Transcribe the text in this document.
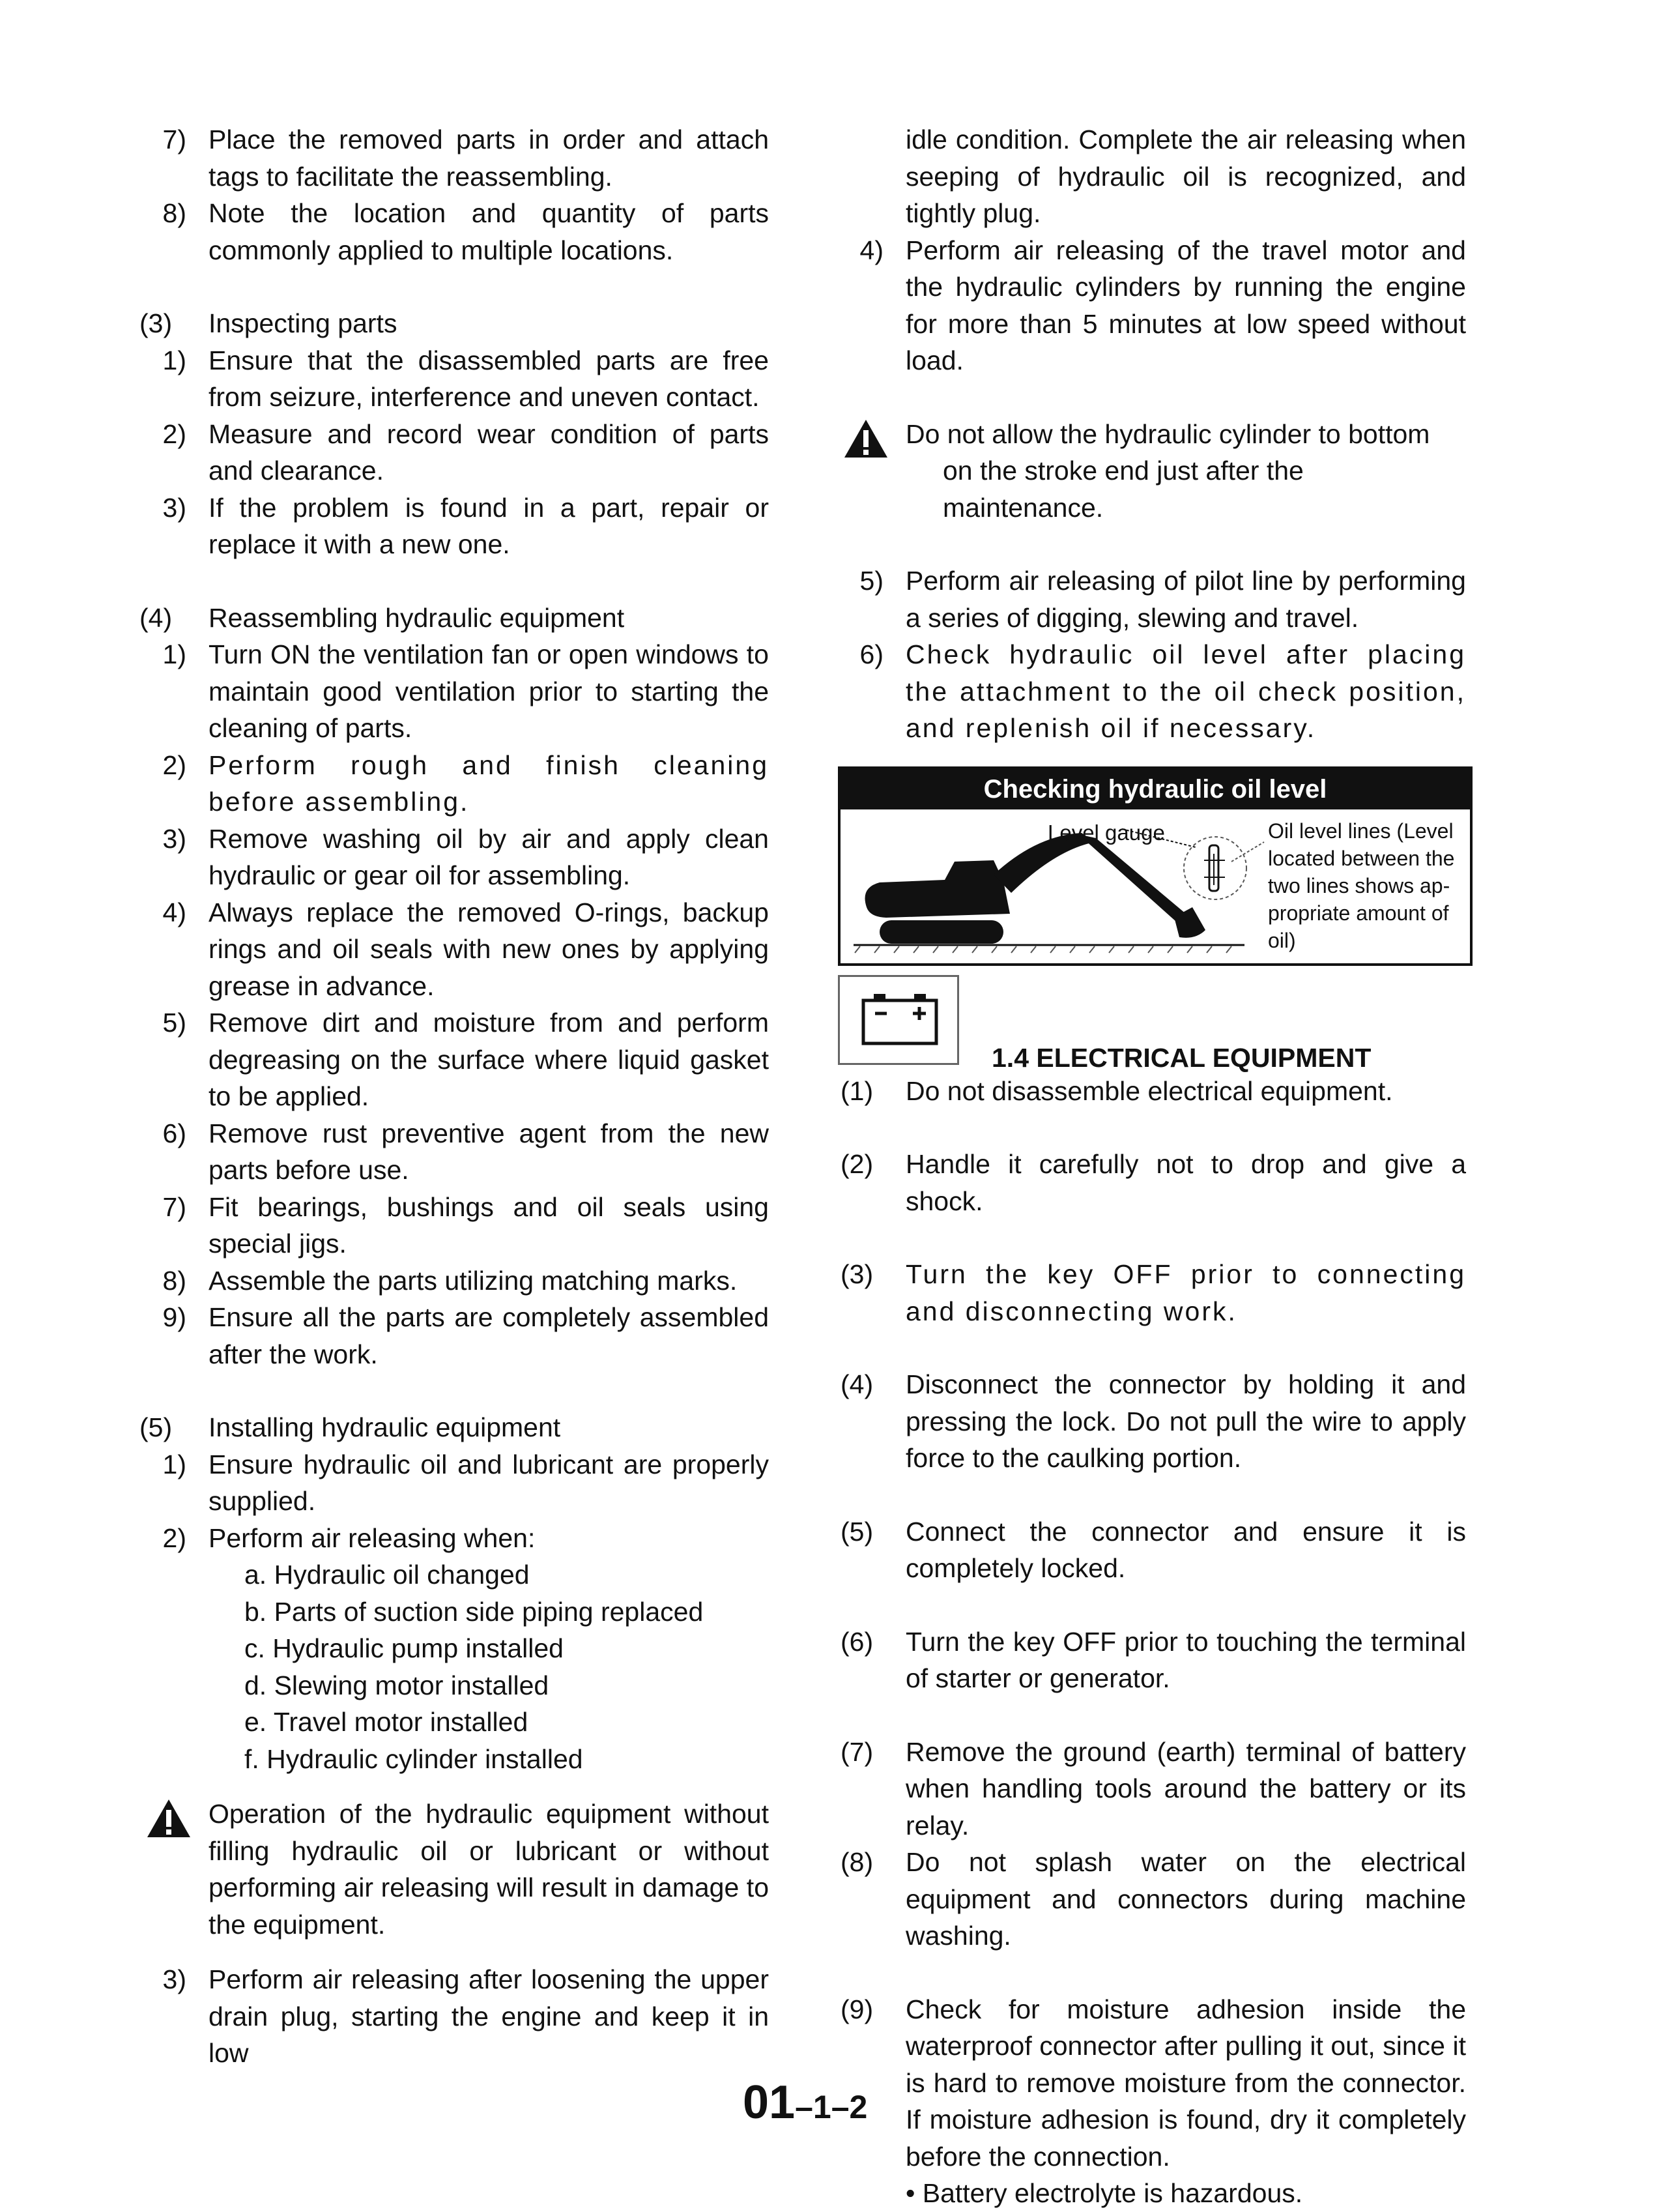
7) Place the removed parts in order and attach tags to facilitate the reassembling.
8) Note the location and quantity of parts commonly applied to multiple locations.
(3)	Inspecting parts
1) Ensure that the disassembled parts are free from seizure, interference and uneven contact.
2) Measure and record wear condition of parts and clearance.
3) If the problem is found in a part, repair or replace it with a new one.
(4)	Reassembling hydraulic equipment
1) Turn ON the ventilation fan or open windows to maintain good ventilation prior to starting the cleaning of parts.
2) Perform rough and finish cleaning before assembling.
3) Remove washing oil by air and apply clean hydraulic or gear oil for assembling.
4) Always replace the removed O-rings, backup rings and oil seals with new ones by applying grease in advance.
5) Remove dirt and moisture from and perform degreasing on the surface where liquid gasket to be applied.
6) Remove rust preventive agent from the new parts before use.
7) Fit bearings, bushings and oil seals using special jigs.
8) Assemble the parts utilizing matching marks.
9) Ensure all the parts are completely assembled after the work.
(5)	Installing hydraulic equipment
1) Ensure hydraulic oil and lubricant are properly supplied.
2) Perform air releasing when:
a. Hydraulic oil changed
b. Parts of suction side piping replaced
c. Hydraulic pump installed
d. Slewing motor installed
e. Travel motor installed
f. Hydraulic cylinder installed
Operation of the hydraulic equipment without filling hydraulic oil or lubricant or without performing air releasing will result in damage to the equipment.
3) Perform air releasing after loosening the upper drain plug, starting the engine and keep it in low
idle condition. Complete the air releasing when seeping of hydraulic oil is recognized, and tightly plug.
4) Perform air releasing of the travel motor and the hydraulic cylinders by running the engine for more than 5 minutes at low speed without load.
Do not allow the hydraulic cylinder to bottom
on the stroke end just after the maintenance.
5) Perform air releasing of pilot line by performing a series of digging, slewing and travel.
6) Check hydraulic oil level after placing the attachment to the oil check position, and replenish oil if necessary.
Checking hydraulic oil level
Level gauge	Oil level lines (Level located between the two lines shows ap-propriate amount of oil)
1.4 ELECTRICAL EQUIPMENT
(1)	Do not disassemble electrical equipment.
(2)	Handle it carefully not to drop and give a shock.
(3)	Turn the key OFF prior to connecting and disconnecting work.
(4)	Disconnect the connector by holding it and pressing the lock. Do not pull the wire to apply force to the caulking portion.
(5)	Connect the connector and ensure it is completely locked.
(6)	Turn the key OFF prior to touching the terminal of starter or generator.
(7)	Remove the ground (earth) terminal of battery when handling tools around the battery or its relay.
(8)	Do not splash water on the electrical equipment and connectors during machine washing.
(9)	Check for moisture adhesion inside the waterproof connector after pulling it out, since it is hard to remove moisture from the connector. If moisture adhesion is found, dry it completely before the connection.
• Battery electrolyte is hazardous.
01–1–2
